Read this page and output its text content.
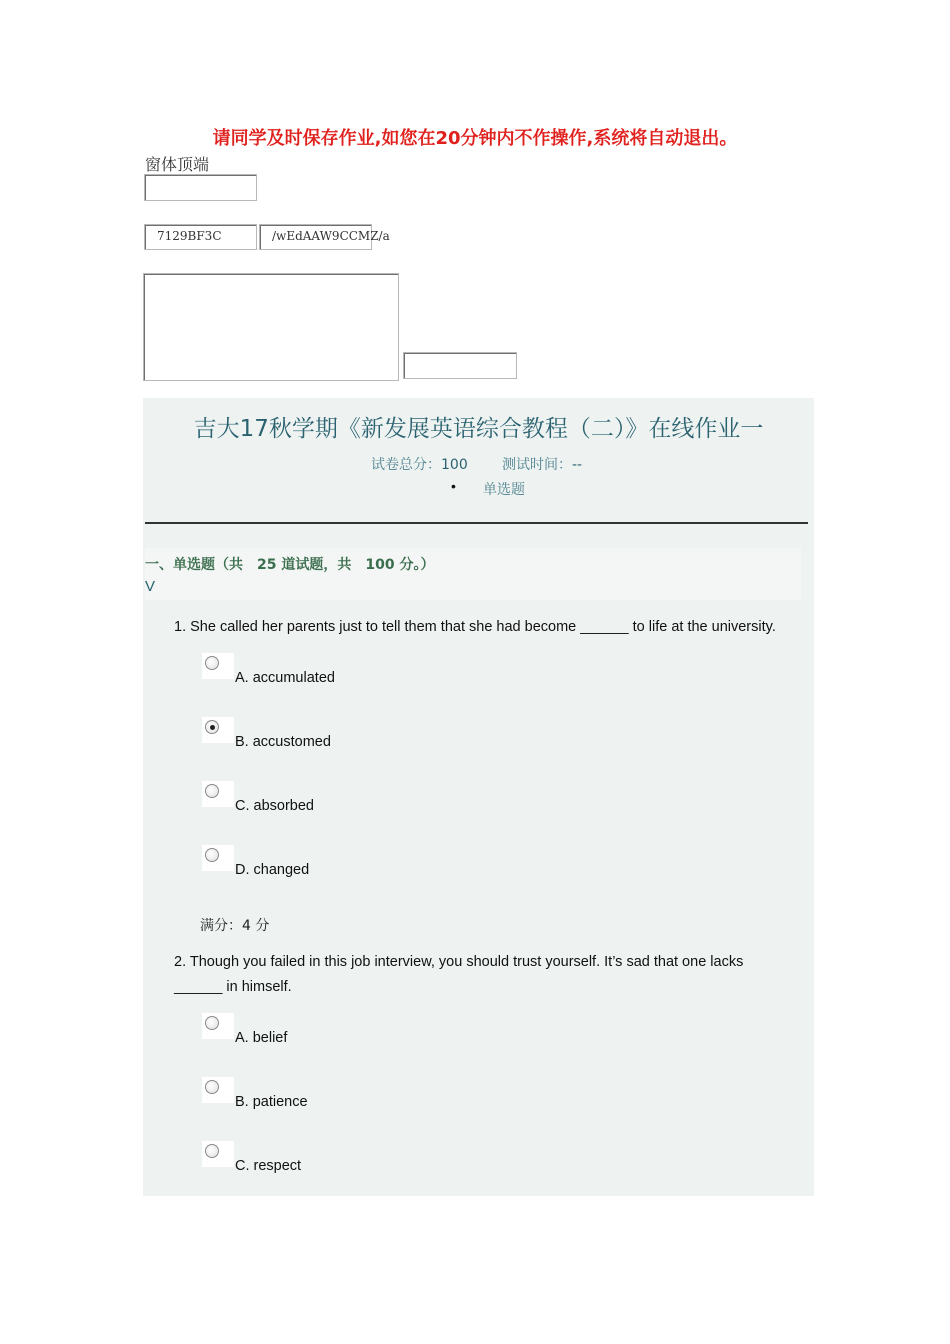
请同学及时保存作业,如您在20分钟内不作操作,系统将自动退出。
窗体顶端
7129BF3C	/wEdAAW9CCMZ/a
吉大17秋学期《新发展英语综合教程（二）》在线作业一
试卷总分：100 测试时间：--
• 单选题
一、单选题（共　25 道试题，共　100 分。）
V
1. She called her parents just to tell them that she had become ______ to life at the university.
A. accumulated
B. accustomed
C. absorbed
D. changed
满分：4 分
2. Though you failed in this job interview, you should trust yourself. It’s sad that one lacks
______ in himself.
A. belief
B. patience
C. respect
